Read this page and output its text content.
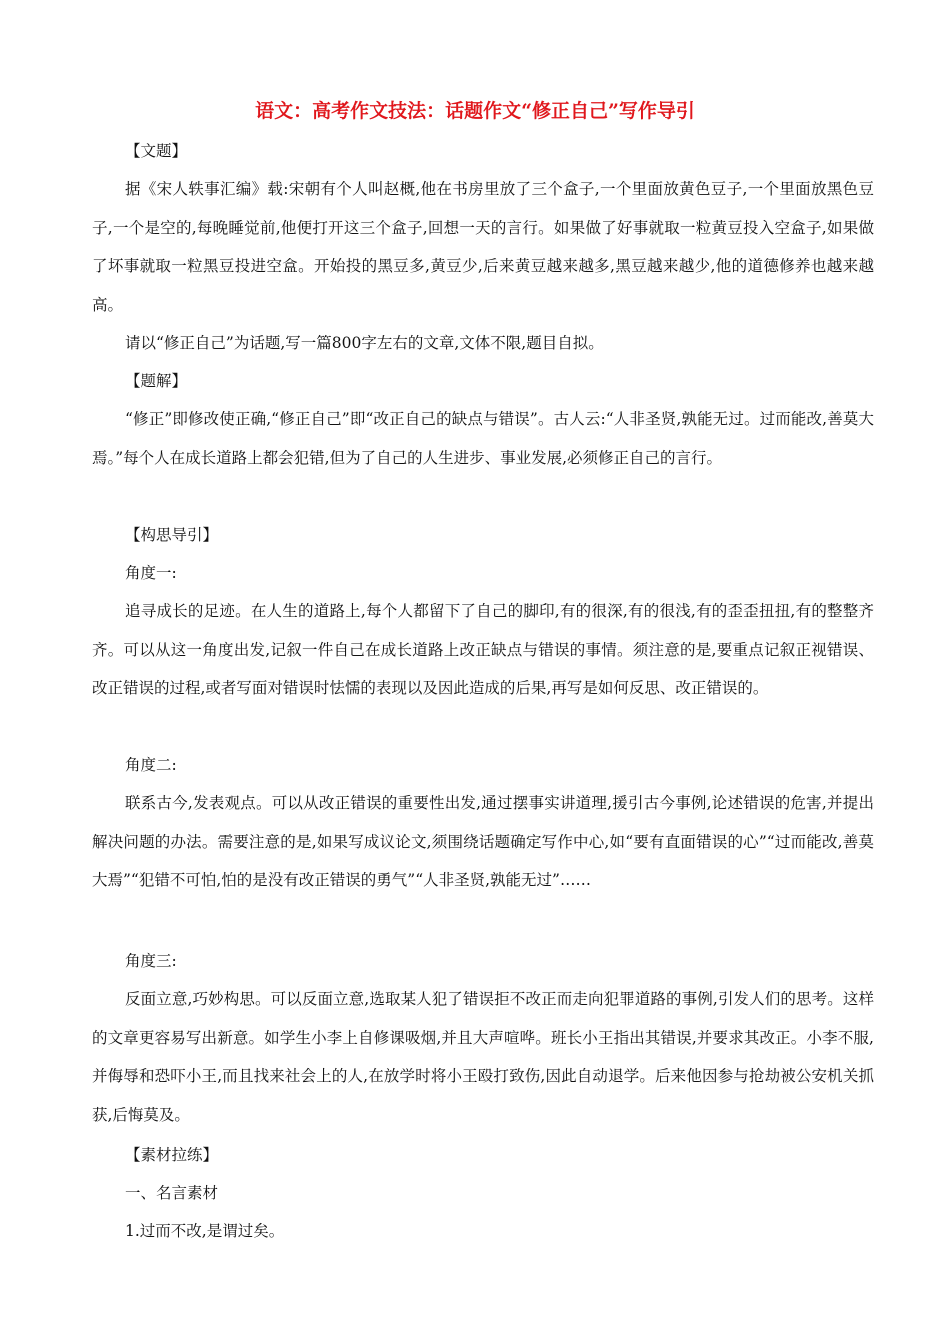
语文：高考作文技法：话题作文“修正自己”写作导引

【文题】

据《宋人轶事汇编》载:宋朝有个人叫赵概,他在书房里放了三个盒子,一个里面放黄色豆子,一个里面放黑色豆子,一个是空的,每晚睡觉前,他便打开这三个盒子,回想一天的言行。如果做了好事就取一粒黄豆投入空盒子,如果做了坏事就取一粒黑豆投进空盒。开始投的黑豆多,黄豆少,后来黄豆越来越多,黑豆越来越少,他的道德修养也越来越高。

请以“修正自己”为话题,写一篇800字左右的文章,文体不限,题目自拟。

【题解】

“修正”即修改使正确,“修正自己”即“改正自己的缺点与错误”。古人云:“人非圣贤,孰能无过。过而能改,善莫大焉。”每个人在成长道路上都会犯错,但为了自己的人生进步、事业发展,必须修正自己的言行。

【构思导引】

角度一:

追寻成长的足迹。在人生的道路上,每个人都留下了自己的脚印,有的很深,有的很浅,有的歪歪扭扭,有的整整齐齐。可以从这一角度出发,记叙一件自己在成长道路上改正缺点与错误的事情。须注意的是,要重点记叙正视错误、改正错误的过程,或者写面对错误时怯懦的表现以及因此造成的后果,再写是如何反思、改正错误的。

角度二:

联系古今,发表观点。可以从改正错误的重要性出发,通过摆事实讲道理,援引古今事例,论述错误的危害,并提出解决问题的办法。需要注意的是,如果写成议论文,须围绕话题确定写作中心,如“要有直面错误的心”“过而能改,善莫大焉”“犯错不可怕,怕的是没有改正错误的勇气”“人非圣贤,孰能无过”……

角度三:

反面立意,巧妙构思。可以反面立意,选取某人犯了错误拒不改正而走向犯罪道路的事例,引发人们的思考。这样的文章更容易写出新意。如学生小李上自修课吸烟,并且大声喧哗。班长小王指出其错误,并要求其改正。小李不服,并侮辱和恐吓小王,而且找来社会上的人,在放学时将小王殴打致伤,因此自动退学。后来他因参与抢劫被公安机关抓获,后悔莫及。

【素材拉练】

一、名言素材

1.过而不改,是谓过矣。
